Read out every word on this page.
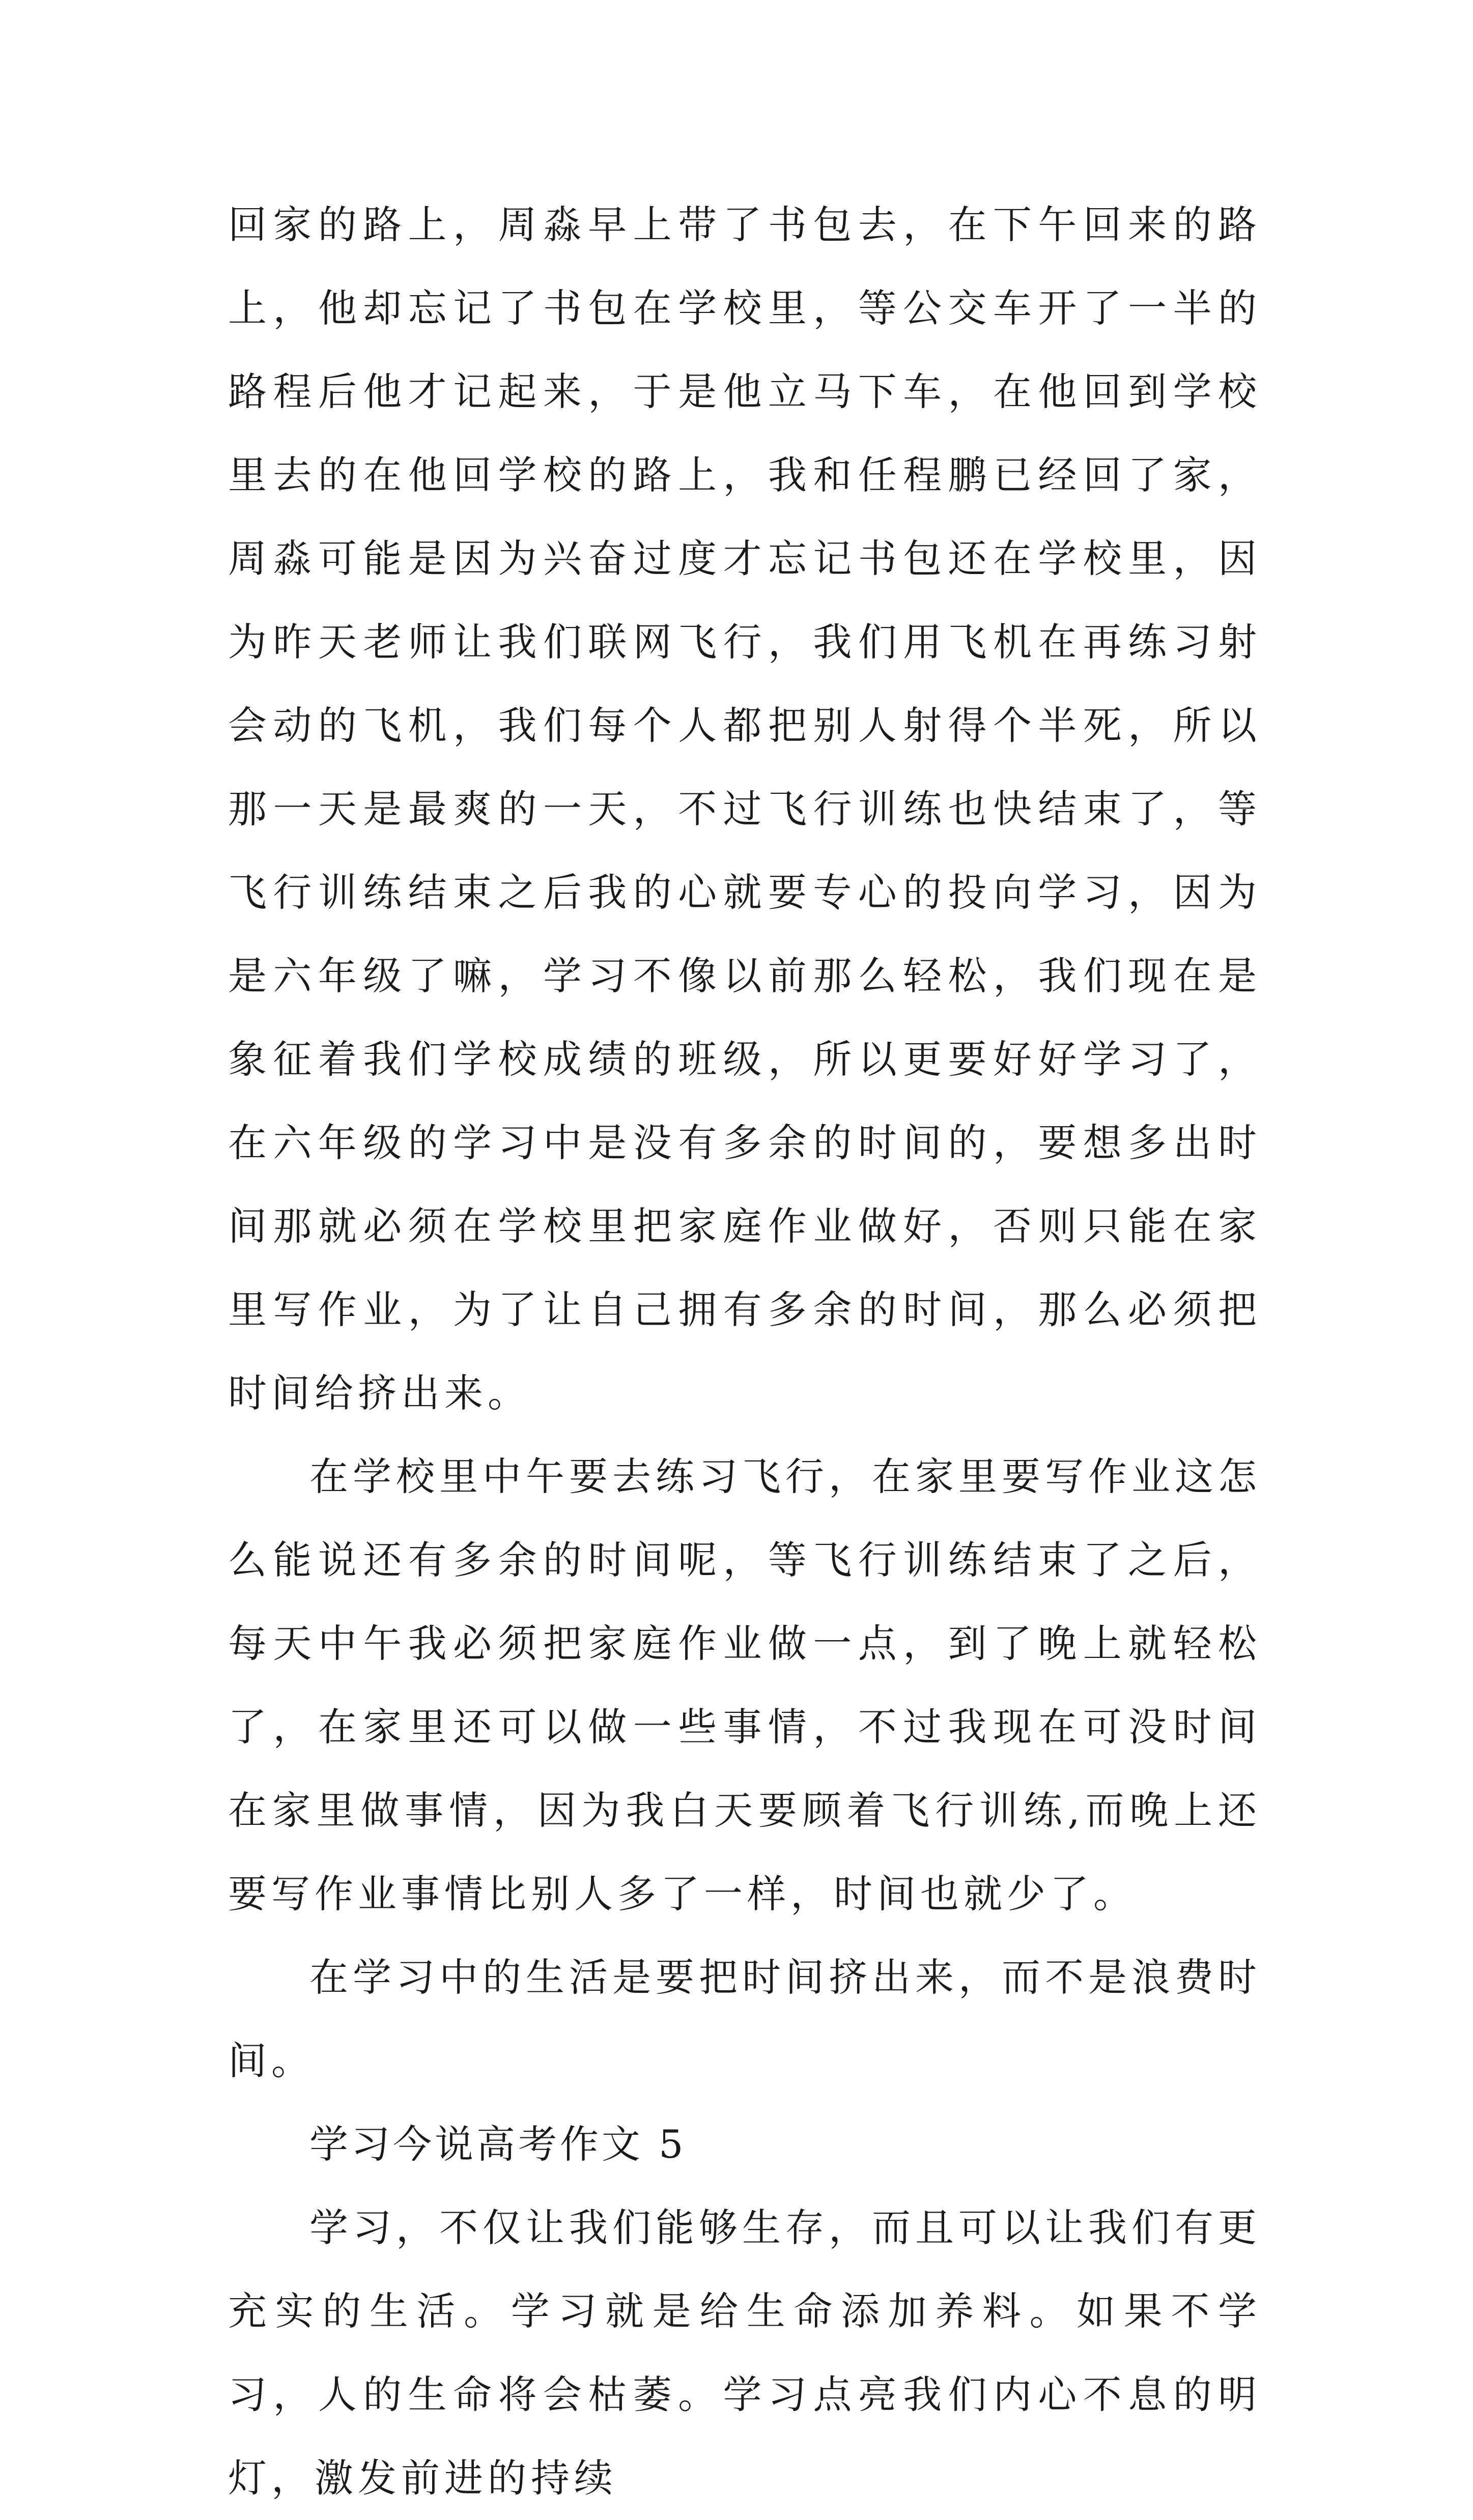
回家的路上，周淼早上带了书包去，在下午回来的路上，他却忘记了书包在学校里，等公交车开了一半的路程后他才记起来，于是他立马下车，在他回到学校里去的在他回学校的路上，我和任程鹏已经回了家，周淼可能是因为兴奋过度才忘记书包还在学校里，因为昨天老师让我们联网飞行，我们用飞机在再练习射会动的飞机，我们每个人都把别人射得个半死，所以那一天是最爽的一天，不过飞行训练也快结束了，等飞行训练结束之后我的心就要专心的投向学习，因为是六年级了嘛，学习不像以前那么轻松，我们现在是象征着我们学校成绩的班级，所以更要好好学习了，在六年级的学习中是没有多余的时间的，要想多出时间那就必须在学校里把家庭作业做好，否则只能在家里写作业，为了让自己拥有多余的时间，那么必须把时间给挤出来。

在学校里中午要去练习飞行，在家里要写作业这怎么能说还有多余的时间呢，等飞行训练结束了之后，每天中午我必须把家庭作业做一点，到了晚上就轻松了，在家里还可以做一些事情，不过我现在可没时间在家里做事情，因为我白天要顾着飞行训练,而晚上还要写作业事情比别人多了一样，时间也就少了。

在学习中的生活是要把时间挤出来，而不是浪费时间。

学习今说高考作文 5

学习，不仅让我们能够生存，而且可以让我们有更充实的生活。学习就是给生命添加养料。如果不学习，人的生命将会枯萎。学习点亮我们内心不息的明灯，激发前进的持续
